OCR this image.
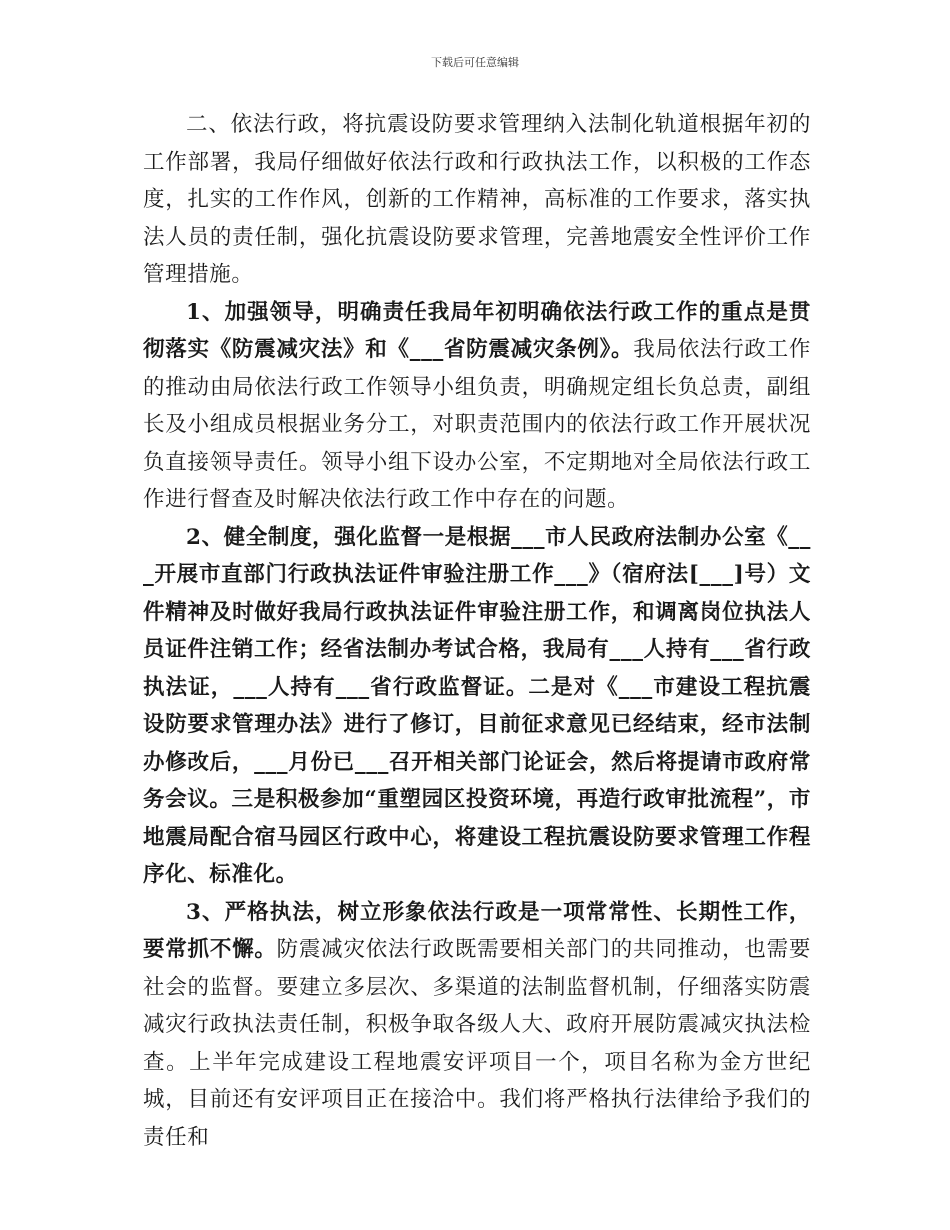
下载后可任意编辑

二、依法行政，将抗震设防要求管理纳入法制化轨道根据年初的工作部署，我局仔细做好依法行政和行政执法工作，以积极的工作态度，扎实的工作作风，创新的工作精神，高标准的工作要求，落实执法人员的责任制，强化抗震设防要求管理，完善地震安全性评价工作管理措施。

1、加强领导，明确责任我局年初明确依法行政工作的重点是贯彻落实《防震减灾法》和《___省防震减灾条例》。我局依法行政工作的推动由局依法行政工作领导小组负责，明确规定组长负总责，副组长及小组成员根据业务分工，对职责范围内的依法行政工作开展状况负直接领导责任。领导小组下设办公室，不定期地对全局依法行政工作进行督查及时解决依法行政工作中存在的问题。

2、健全制度，强化监督一是根据___市人民政府法制办公室《___开展市直部门行政执法证件审验注册工作___》（宿府法[___]号）文件精神及时做好我局行政执法证件审验注册工作，和调离岗位执法人员证件注销工作；经省法制办考试合格，我局有___人持有___省行政执法证，___人持有___省行政监督证。二是对《___市建设工程抗震设防要求管理办法》进行了修订，目前征求意见已经结束，经市法制办修改后，___月份已___召开相关部门论证会，然后将提请市政府常务会议。三是积极参加“重塑园区投资环境，再造行政审批流程”，市地震局配合宿马园区行政中心，将建设工程抗震设防要求管理工作程序化、标准化。

3、严格执法，树立形象依法行政是一项常常性、长期性工作，要常抓不懈。防震减灾依法行政既需要相关部门的共同推动，也需要社会的监督。要建立多层次、多渠道的法制监督机制，仔细落实防震减灾行政执法责任制，积极争取各级人大、政府开展防震减灾执法检查。上半年完成建设工程地震安评项目一个，项目名称为金方世纪城，目前还有安评项目正在接洽中。我们将严格执行法律给予我们的责任和
